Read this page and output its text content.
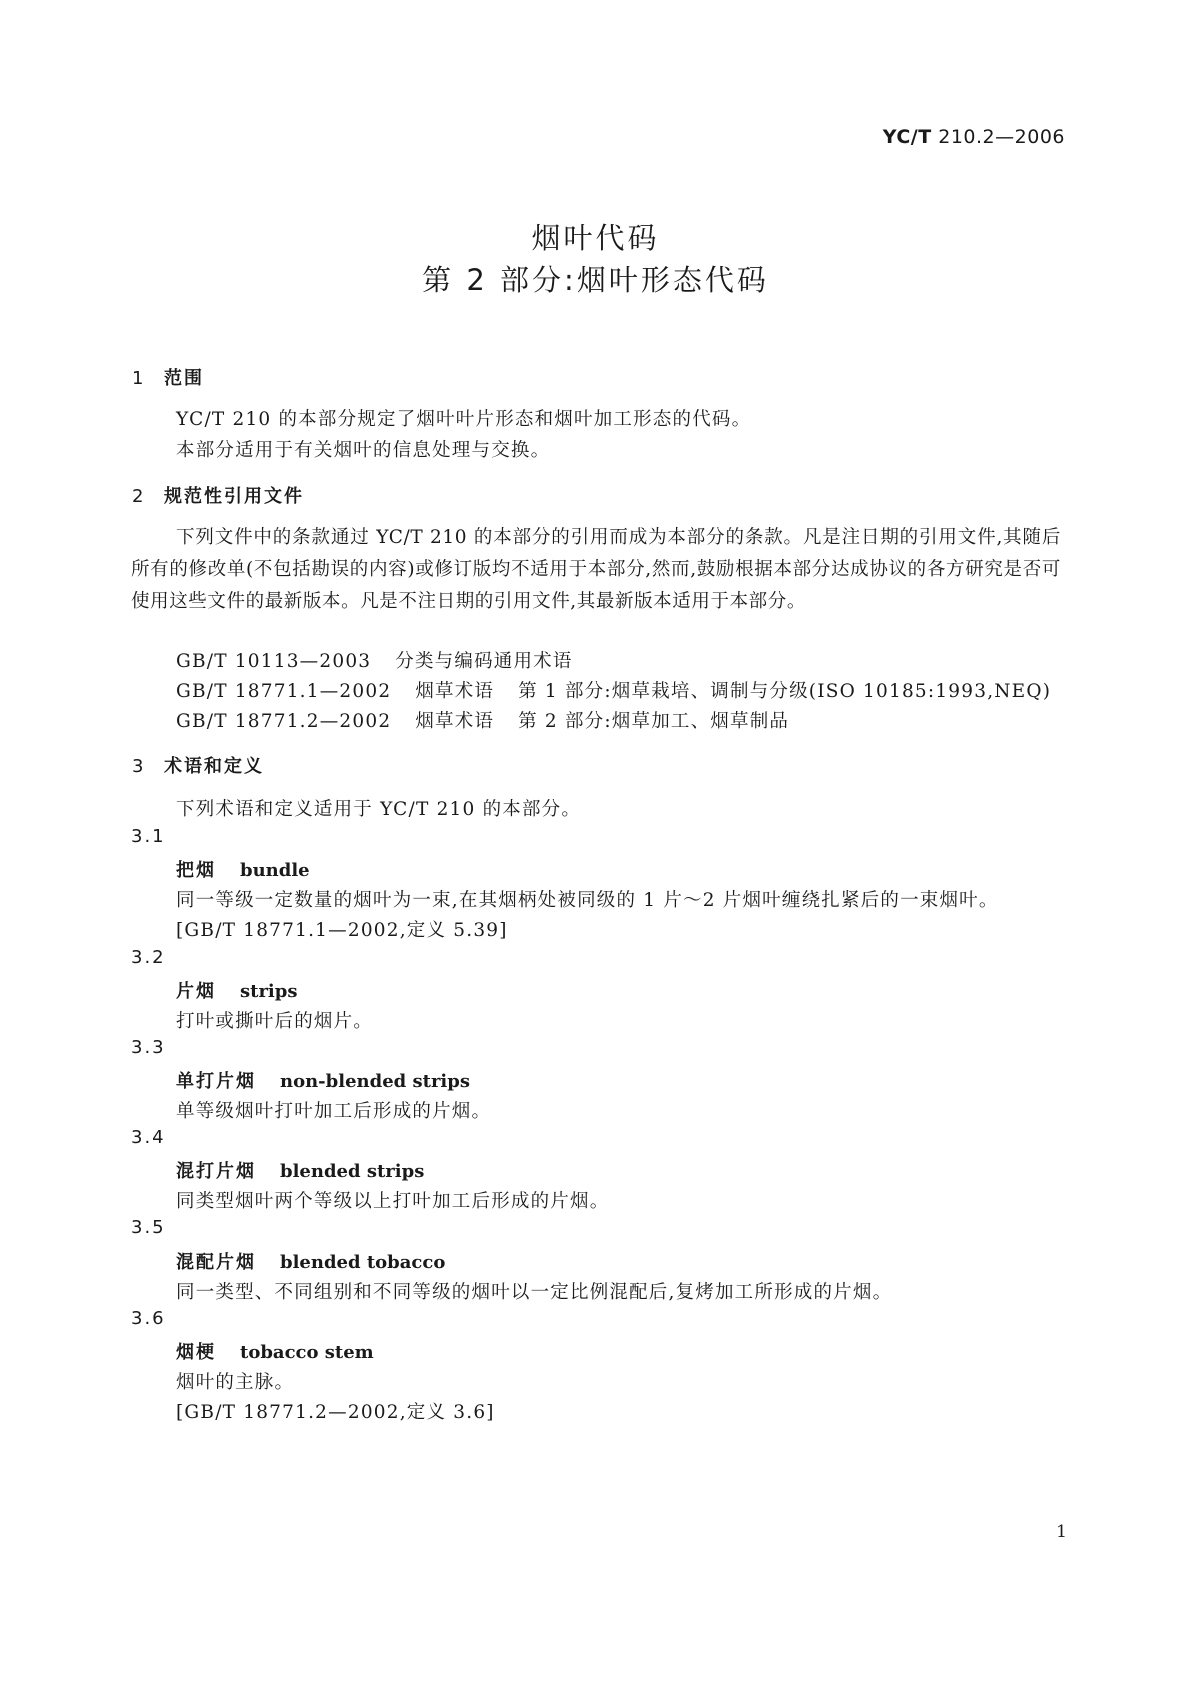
YC/T 210.2—2006
烟叶代码
第 2 部分:烟叶形态代码
1 范围
YC/T 210 的本部分规定了烟叶叶片形态和烟叶加工形态的代码。
本部分适用于有关烟叶的信息处理与交换。
2 规范性引用文件
下列文件中的条款通过 YC/T 210 的本部分的引用而成为本部分的条款。凡是注日期的引用文件,其随后所有的修改单(不包括勘误的内容)或修订版均不适用于本部分,然而,鼓励根据本部分达成协议的各方研究是否可使用这些文件的最新版本。凡是不注日期的引用文件,其最新版本适用于本部分。
GB/T 10113—2003 分类与编码通用术语
GB/T 18771.1—2002 烟草术语 第 1 部分:烟草栽培、调制与分级(ISO 10185:1993,NEQ)
GB/T 18771.2—2002 烟草术语 第 2 部分:烟草加工、烟草制品
3 术语和定义
下列术语和定义适用于 YC/T 210 的本部分。
3.1
把烟 bundle
同一等级一定数量的烟叶为一束,在其烟柄处被同级的 1 片～2 片烟叶缠绕扎紧后的一束烟叶。
[GB/T 18771.1—2002,定义 5.39]
3.2
片烟 strips
打叶或撕叶后的烟片。
3.3
单打片烟 non-blended strips
单等级烟叶打叶加工后形成的片烟。
3.4
混打片烟 blended strips
同类型烟叶两个等级以上打叶加工后形成的片烟。
3.5
混配片烟 blended tobacco
同一类型、不同组别和不同等级的烟叶以一定比例混配后,复烤加工所形成的片烟。
3.6
烟梗 tobacco stem
烟叶的主脉。
[GB/T 18771.2—2002,定义 3.6]
1
